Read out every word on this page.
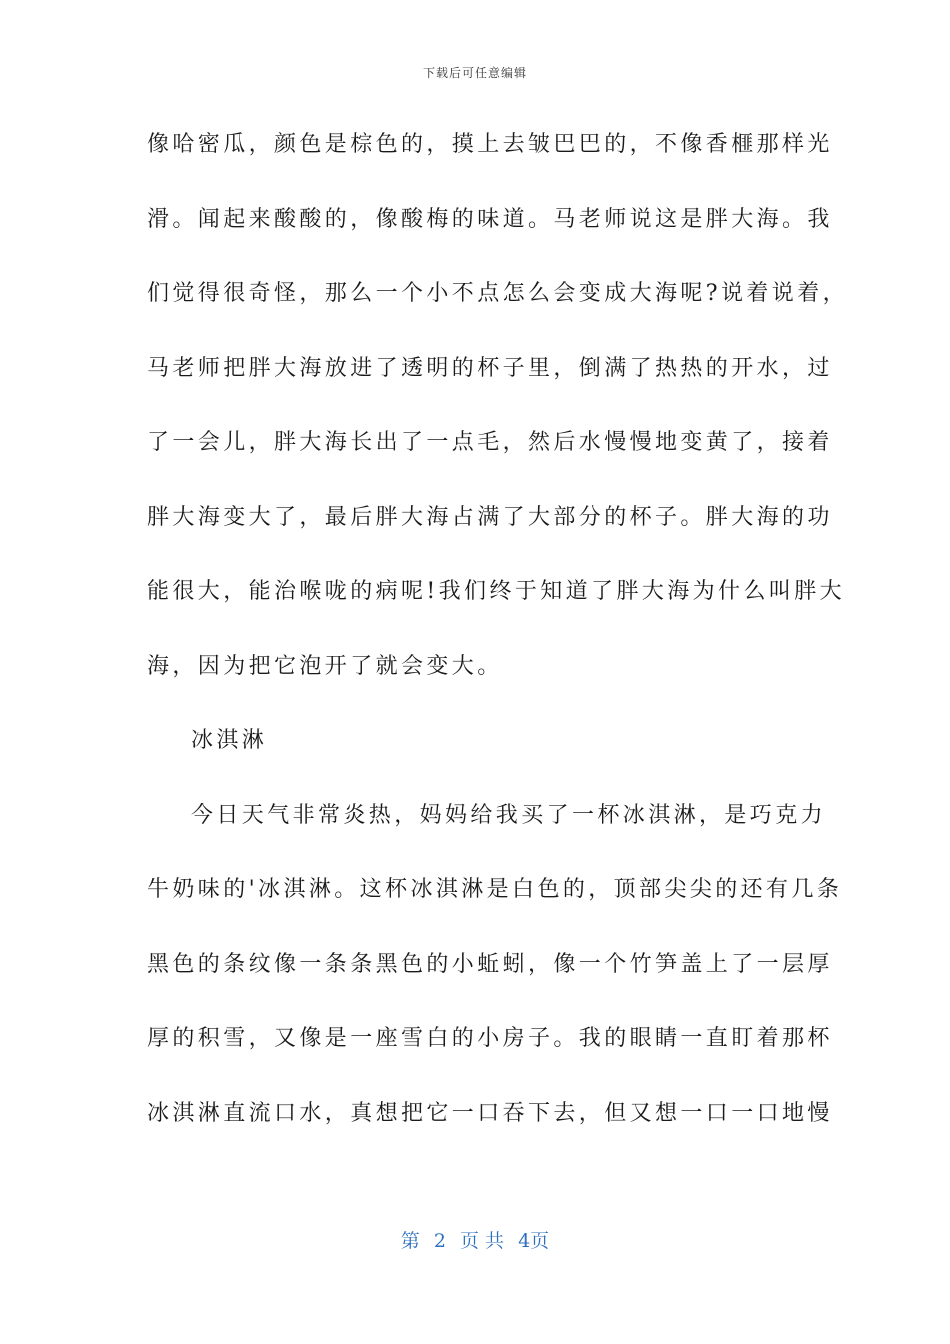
下载后可任意编辑
像哈密瓜，颜色是棕色的，摸上去皱巴巴的，不像香榧那样光
滑。闻起来酸酸的，像酸梅的味道。马老师说这是胖大海。我
们觉得很奇怪，那么一个小不点怎么会变成大海呢?说着说着，
马老师把胖大海放进了透明的杯子里，倒满了热热的开水，过
了一会儿，胖大海长出了一点毛，然后水慢慢地变黄了，接着
胖大海变大了，最后胖大海占满了大部分的杯子。胖大海的功
能很大，能治喉咙的病呢!我们终于知道了胖大海为什么叫胖大
海，因为把它泡开了就会变大。
冰淇淋
今日天气非常炎热，妈妈给我买了一杯冰淇淋，是巧克力
牛奶味的'冰淇淋。这杯冰淇淋是白色的，顶部尖尖的还有几条
黑色的条纹像一条条黑色的小蚯蚓，像一个竹笋盖上了一层厚
厚的积雪，又像是一座雪白的小房子。我的眼睛一直盯着那杯
冰淇淋直流口水，真想把它一口吞下去，但又想一口一口地慢
第 2 页 共 4页
